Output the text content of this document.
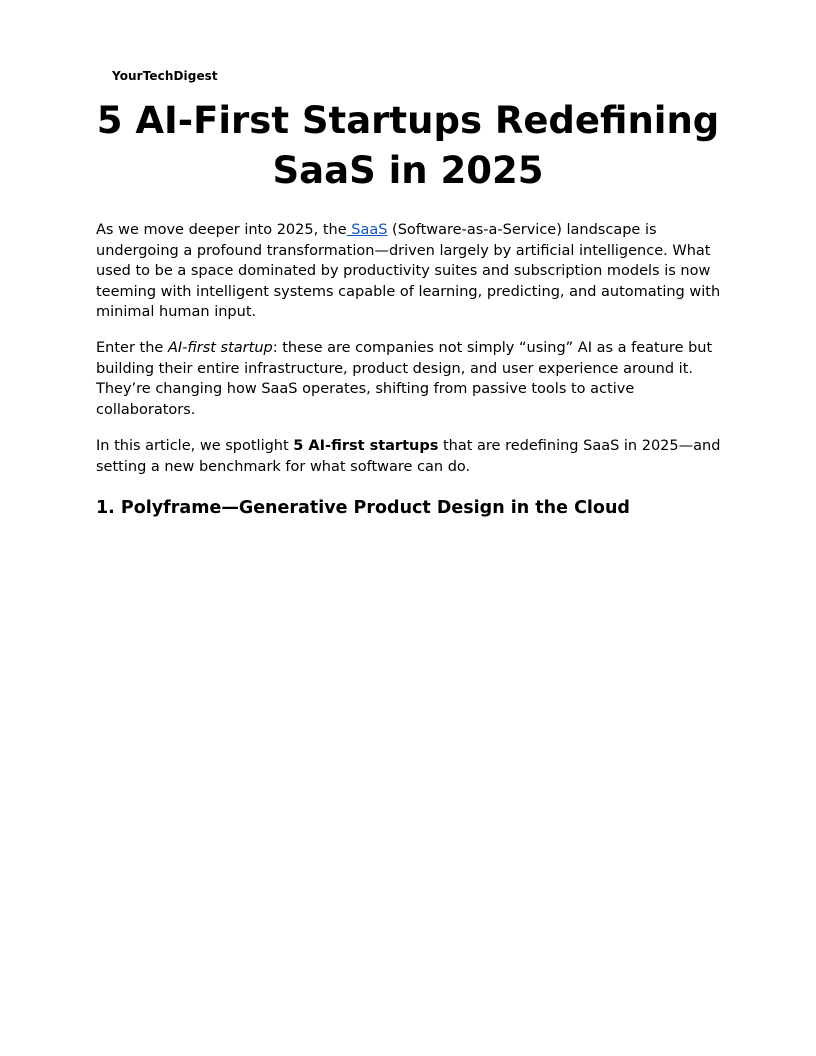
YourTechDigest
5 AI-First Startups Redefining
SaaS in 2025

As we move deeper into 2025, the SaaS (Software-as-a-Service) landscape is undergoing a profound transformation—driven largely by artificial intelligence. What used to be a space dominated by productivity suites and subscription models is now teeming with intelligent systems capable of learning, predicting, and automating with minimal human input.

Enter the AI-first startup: these are companies not simply “using” AI as a feature but building their entire infrastructure, product design, and user experience around it. They’re changing how SaaS operates, shifting from passive tools to active collaborators.

In this article, we spotlight 5 AI-first startups that are redefining SaaS in 2025—and setting a new benchmark for what software can do.

1. Polyframe—Generative Product Design in the Cloud
